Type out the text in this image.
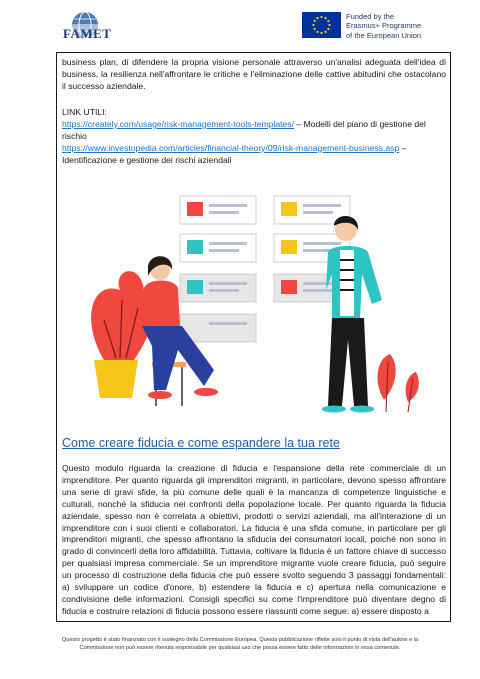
FAMET
Funded by the
Erasmus+ Programme
of the European Union
business plan, di difendere la propria visione personale attraverso un'analisi adeguata dell'idea di business, la resilienza nell'affrontare le critiche e l'eliminazione delle cattive abitudini che ostacolano il successo aziendale.
LINK UTILI:
https://creately.com/usage/risk-management-tools-templates/ – Modelli del piano di gestione del rischio
https://www.investopedia.com/articles/financial-theory/09/risk-management-business.asp – Identificazione e gestione dei rischi aziendali
Come creare fiducia e come espandere la tua rete
Questo modulo riguarda la creazione di fiducia e l'espansione della rete commerciale di un imprenditore. Per quanto riguarda gli imprenditori migranti, in particolare, devono spesso affrontare una serie di gravi sfide, la più comune delle quali è la mancanza di competenze linguistiche e culturali, nonché la sfiducia nei confronti della popolazione locale. Per quanto riguarda la fiducia aziendale, spesso non è correlata a obiettivi, prodotti o servizi aziendali, ma all'interazione di un imprenditore con i suoi clienti e collaboratori. La fiducia è una sfida comune, in particolare per gli imprenditori migranti, che spesso affrontano la sfiducia dei consumatori locali, poiché non sono in grado di convincerli della loro affidabilità. Tuttavia, coltivare la fiducia è un fattore chiave di successo per qualsiasi impresa commerciale. Se un imprenditore migrante vuole creare fiducia, può seguire un processo di costruzione della fiducia che può essere svolto seguendo 3 passaggi fondamentali: a) sviluppare un codice d'onore, b) estendere la fiducia e c) apertura nella comunicazione e condivisione delle informazioni. Consigli specifici su come l'imprenditore può diventare degno di fiducia e costruire relazioni di fiducia possono essere riassunti come segue: a) essere disposto a
Questo progetto è stato finanziato con il sostegno della Commissione Europea. Questa pubblicazione riflette solo il punto di vista dell'autore e la
Commissione non può essere ritenuta responsabile per qualsiasi uso che possa essere fatto delle informazioni in essa contenute.
